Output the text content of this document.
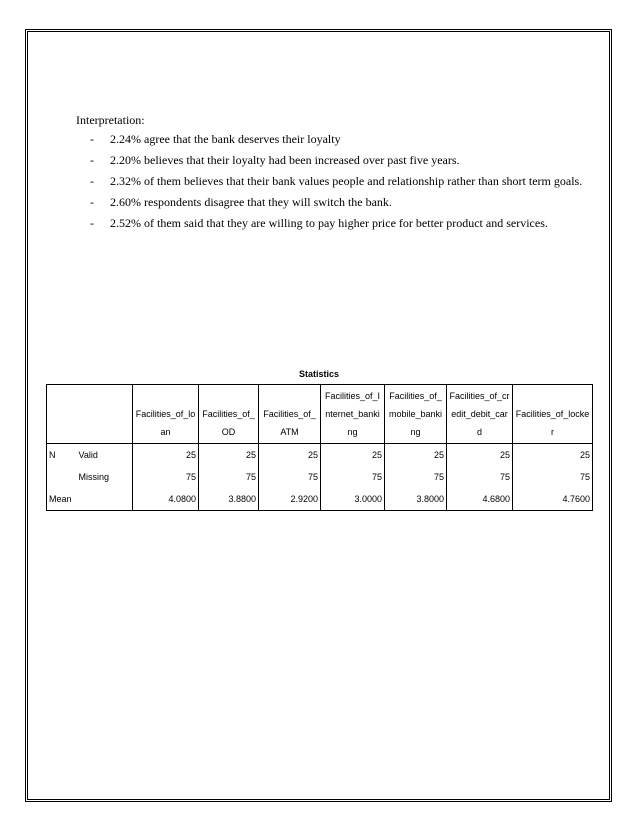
Interpretation:
-	2.24% agree that the bank deserves their loyalty
-	2.20% believes that their loyalty had been increased over past five years.
-	2.32% of them believes that their bank values people and relationship rather than short term goals.
-	2.60% respondents disagree that they will switch the bank.
-	2.52% of them said that they are willing to pay higher price for better product and services.
Statistics
		Facilities_of_loan	Facilities_of_OD	Facilities_of_ATM	Facilities_of_Internet_banking	Facilities_of_mobile_banking	Facilities_of_credit_debit_card	Facilities_of_locker
N	Valid	25	25	25	25	25	25	25
	Missing	75	75	75	75	75	75	75
Mean		4.0800	3.8800	2.9200	3.0000	3.8000	4.6800	4.7600
